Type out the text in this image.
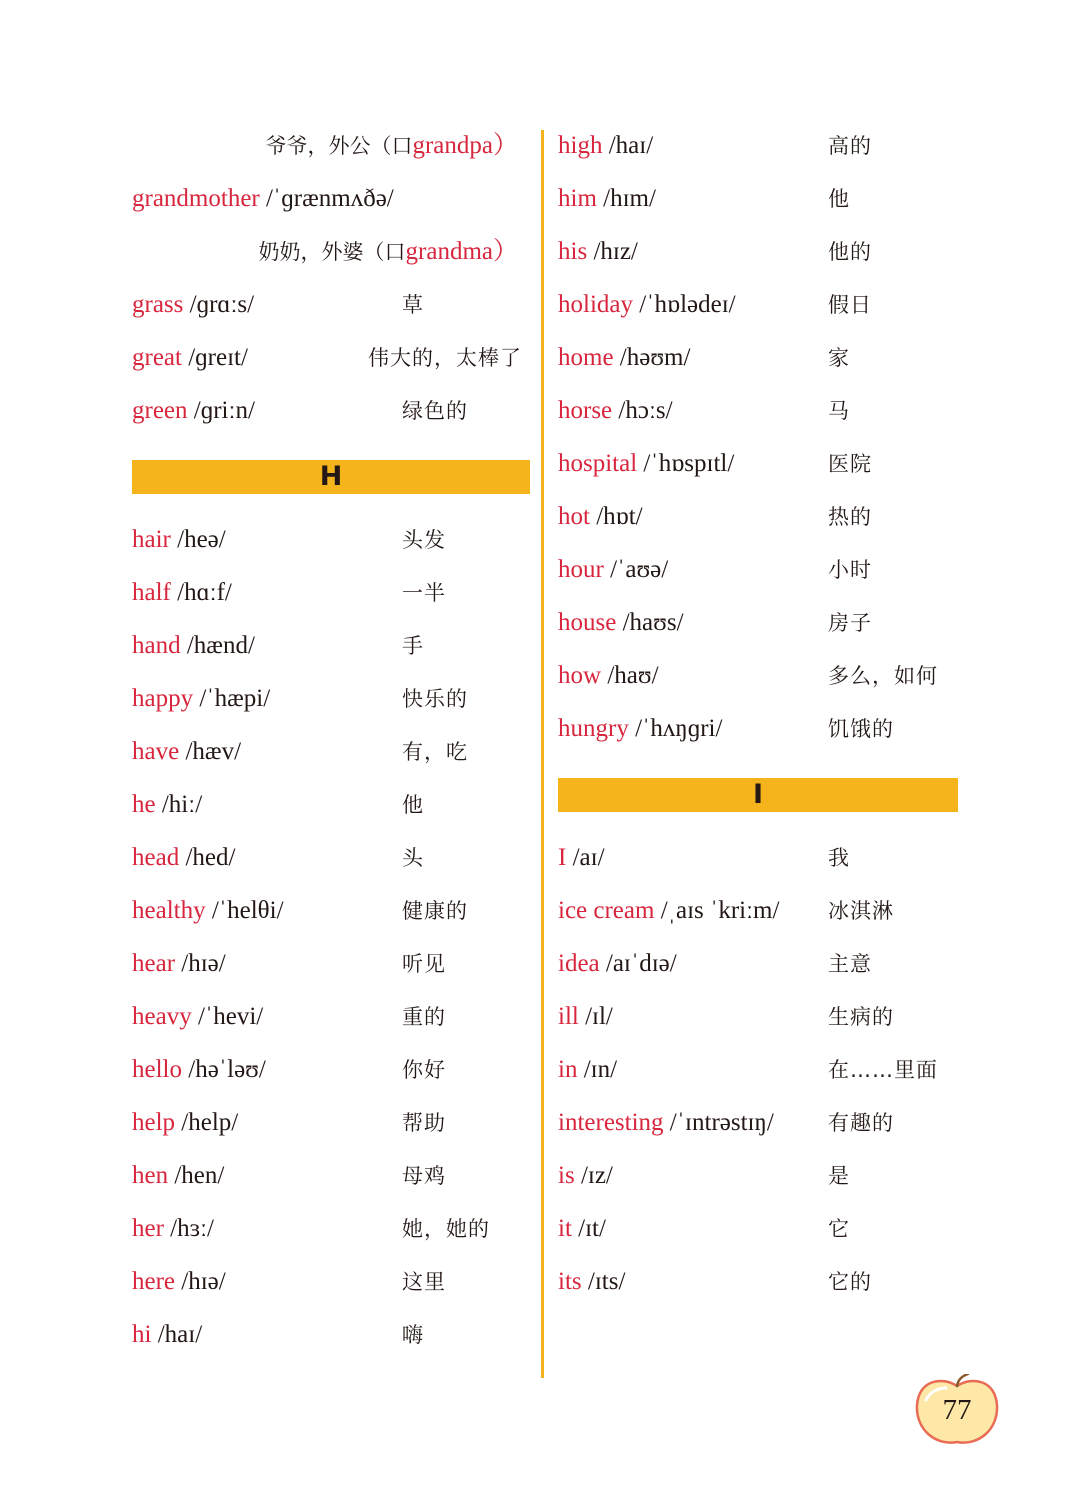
爷爷，外公（口grandpa）
grandmother /ˈɡrænmʌðə/
奶奶，外婆（口grandma）
grass /ɡrɑːs/	草
great /ɡreɪt/	伟大的，太棒了
green /ɡriːn/	绿色的
H
hair /heə/	头发
half /hɑːf/	一半
hand /hænd/	手
happy /ˈhæpi/	快乐的
have /hæv/	有，吃
he /hiː/	他
head /hed/	头
healthy /ˈhelθi/	健康的
hear /hɪə/	听见
heavy /ˈhevi/	重的
hello /həˈləʊ/	你好
help /help/	帮助
hen /hen/	母鸡
her /hɜː/	她，她的
here /hɪə/	这里
hi /haɪ/	嗨
high /haɪ/	高的
him /hɪm/	他
his /hɪz/	他的
holiday /ˈhɒlədeɪ/	假日
home /həʊm/	家
horse /hɔːs/	马
hospital /ˈhɒspɪtl/	医院
hot /hɒt/	热的
hour /ˈaʊə/	小时
house /haʊs/	房子
how /haʊ/	多么，如何
hungry /ˈhʌŋɡri/	饥饿的
I
I /aɪ/	我
ice cream /ˌaɪs ˈkriːm/ 冰淇淋
idea /aɪˈdɪə/	主意
ill /ɪl/	生病的
in /ɪn/	在……里面
interesting /ˈɪntrəstɪŋ/	有趣的
is /ɪz/	是
it /ɪt/	它
its /ɪts/	它的
77
